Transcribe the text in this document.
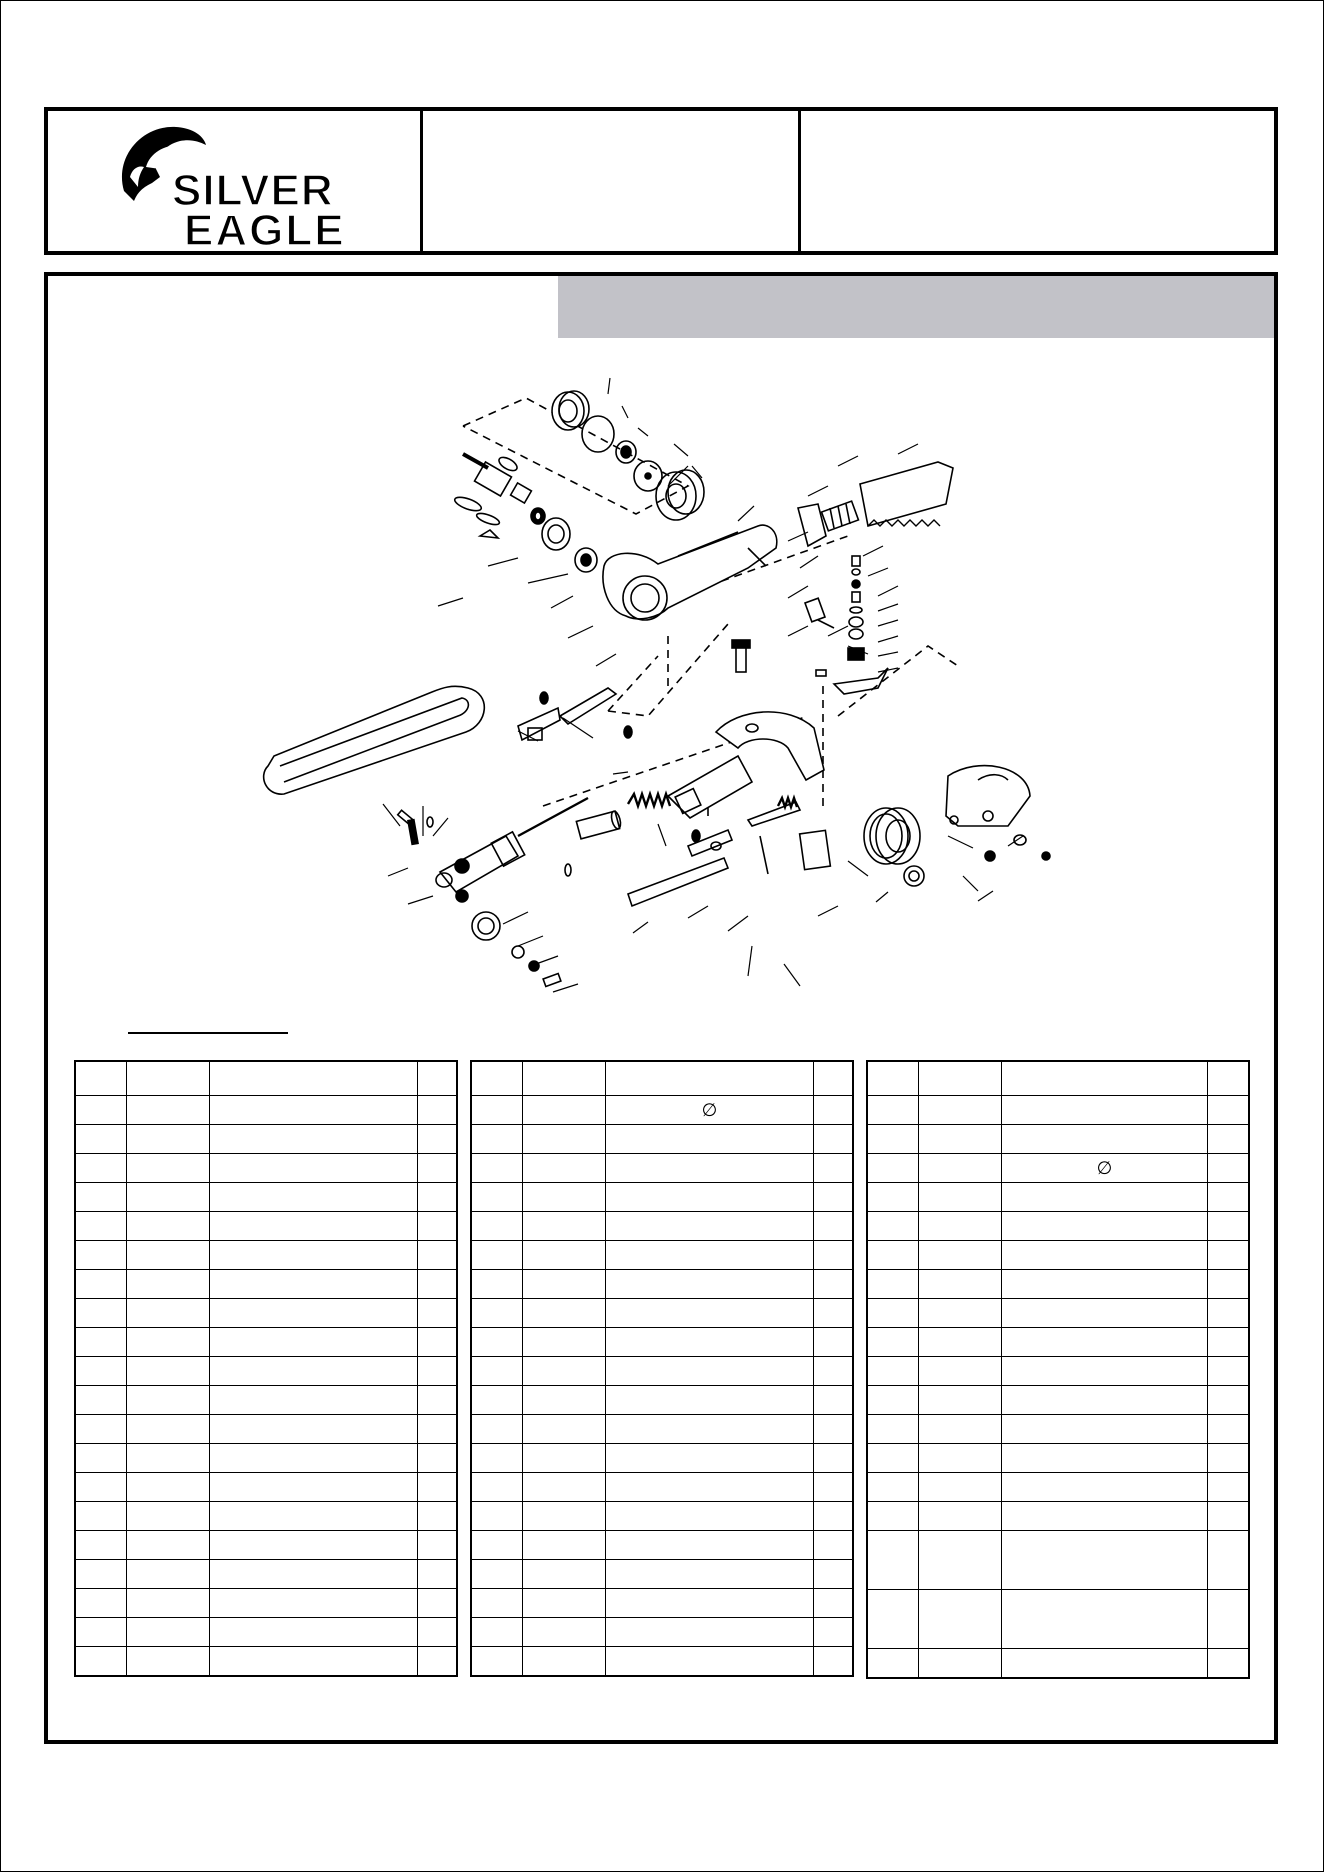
SILVER
EAGLE

		∅	

		∅	
